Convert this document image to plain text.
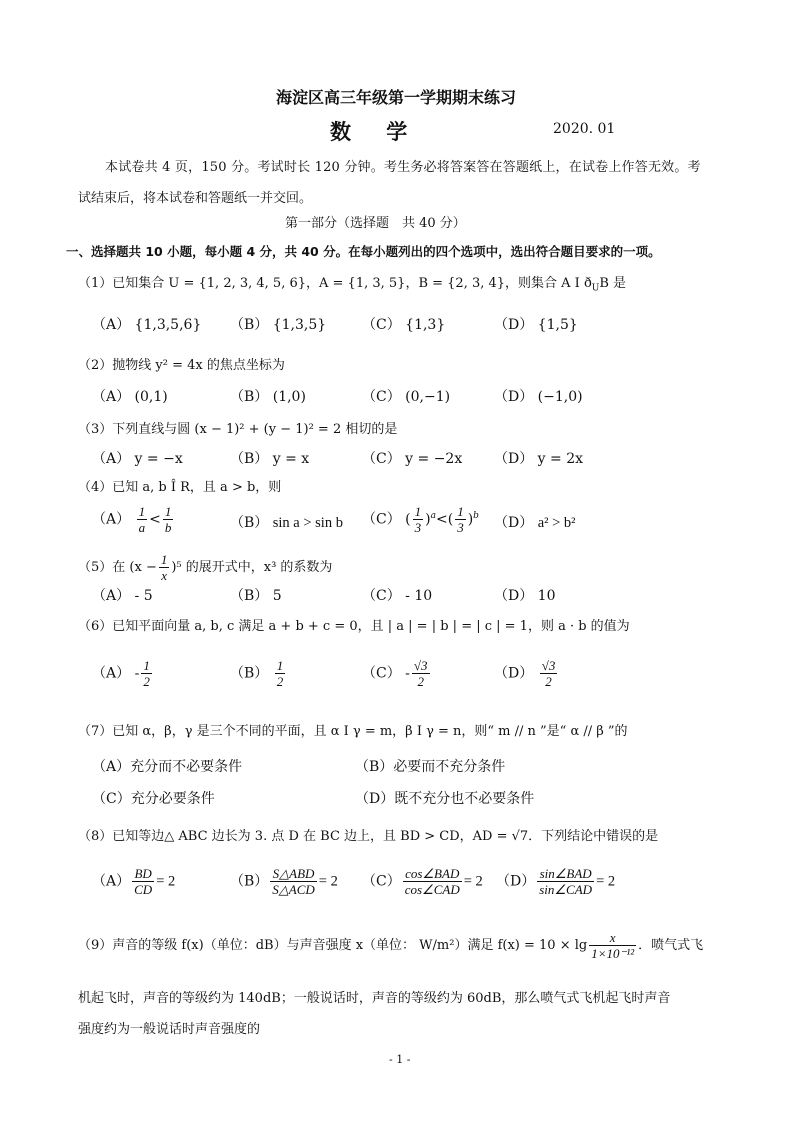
海淀区高三年级第一学期期末练习
数 学	2020. 01
本试卷共 4 页，150 分。考试时长 120 分钟。考生务必将答案答在答题纸上，在试卷上作答无效。考
试结束后，将本试卷和答题纸一并交回。
第一部分（选择题　共 40 分）
一、选择题共 10 小题，每小题 4 分，共 40 分。在每小题列出的四个选项中，选出符合题目要求的一项。
（1）已知集合 U = {1, 2, 3, 4, 5, 6}，A = {1, 3, 5}，B = {2, 3, 4}，则集合 A Ι $ð_UB$ 是
（A） {1,3,5,6} （B） {1,3,5}	（C） {1,3}	（D） {1,5}
（2）抛物线 y² = 4x 的焦点坐标为
（A） (0,1)	（B） (1,0)	（C） (0,−1)	（D） (−1,0)
（3）下列直线与圆 (x − 1)² + (y − 1)² = 2 相切的是
（A） y = −x	（B） y = x	（C） y = −2x （D） y = 2x
（4）已知 a, b Î R，且 a > b，则
$(A) \frac{1}{a} < \frac{1}{b}$	（B） sin a > sin b （C） ( $\frac{1}{3} )^a<( \frac{1}{3} )^b$ （D） a² > b²
（5）在 $(x - \frac{1}{x} )^5$ 的展开式中，x³ 的系数为
（A） - 5	（B） 5	（C） - 10	（D） 10
（6）已知平面向量 a, b, c 满足 a + b + c = 0，且 | a | = | b | = | c | = 1，则 a · b 的值为
$(A) - \frac{1}{2}$	$(B) \frac{1}{2}$	$(C) - \frac{√3}{2}$	$(D) \frac{√3}{2}$
（7）已知 α，β，γ 是三个不同的平面，且 α Ι γ = m，β Ι γ = n，则“ m // n ”是“ α // β ”的
（A）充分而不必要条件	（B）必要而不充分条件
（C）充分必要条件	（D）既不充分也不必要条件
（8）已知等边△ ABC 边长为 3. 点 D 在 BC 边上，且 BD > CD，AD = √7．下列结论中错误的是
$(A) \frac{BD}{CD} = 2$	$(B) \frac{\text{S△ABD}}{\text{S△ACD}} = 2$ $(C) \frac{\text{cos∠BAD}}{\text{cos∠CAD}} = 2$ $(D) \frac{\text{sin∠BAD}}{\text{sin∠CAD}} = 2$
（9）声音的等级 f(x)（单位：dB）与声音强度 x（单位： W/m²）满足 $f(x) = 10 \times \lg \frac{x}{\text{1×10⁻¹²}}$ ．喷气式飞
机起飞时，声音的等级约为 140dB；一般说话时，声音的等级约为 60dB，那么喷气式飞机起飞时声音
强度约为一般说话时声音强度的
- 1 -
